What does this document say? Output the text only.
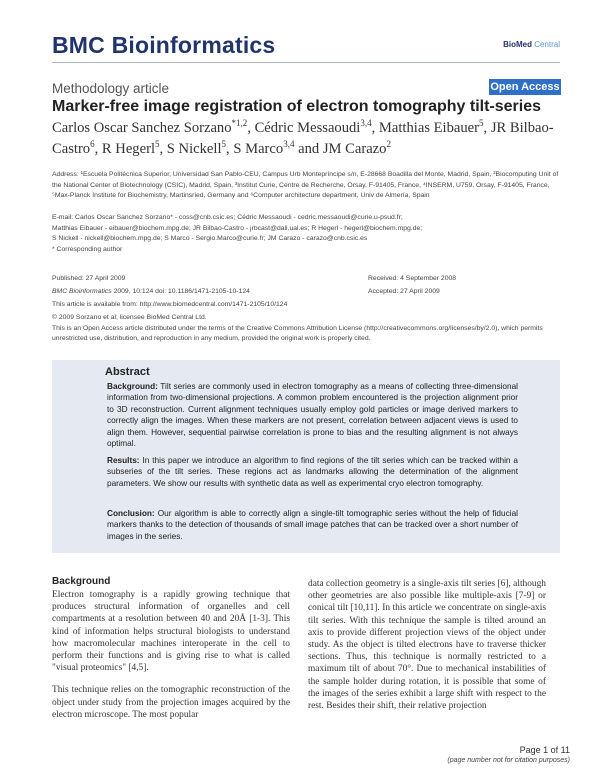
BMC Bioinformatics	BioMed Central
Methodology article	Open Access
Marker-free image registration of electron tomography tilt-series
Carlos Oscar Sanchez Sorzano$^{*1,2}$, Cédric Messaoudi$^{3,4}$, Matthias Eibauer$^5$, JR Bilbao-Castro$^6$, R Hegerl$^5$, S Nickell$^5$, S Marco$^{3,4}$ and JM Carazo$^2$
Address: ¹Escuela Politécnica Superior, Universidad San Pablo-CEU, Campus Urb Montepríncipe s/n, E-28668 Boadilla del Monte, Madrid, Spain, ²Biocomputing Unit of the National Center of Biotechnology (CSIC), Madrid, Spain, ³Institut Curie, Centre de Recherche, Orsay, F-91405, France, ⁴INSERM, U759, Orsay, F-91405, France, ⁵Max-Planck Institute for Biochemistry, Martinsried, Germany and ⁶Computer architecture department, Univ de Almería, Spain
E-mail: Carlos Oscar Sanchez Sorzano* - coss@cnb.csic.es; Cédric Messaoudi - cedric.messaoudi@curie.u-psud.fr;
Matthias Eibauer - eibauer@biochem.mpg.de; JR Bilbao-Castro - jrbcast@dali.ual.es; R Hegerl - hegerl@biochem.mpg.de;
S Nickell - nickell@biochem.mpg.de; S Marco - Sergio.Marco@curie.fr; JM Carazo - carazo@cnb.csic.es
* Corresponding author
Published: 27 April 2009
BMC Bioinformatics 2009, 10:124 doi: 10.1186/1471-2105-10-124
Received: 4 September 2008
Accepted: 27 April 2009
This article is available from: http://www.biomedcentral.com/1471-2105/10/124
© 2009 Sorzano et al; licensee BioMed Central Ltd.
This is an Open Access article distributed under the terms of the Creative Commons Attribution License (http://creativecommons.org/licenses/by/2.0), which permits unrestricted use, distribution, and reproduction in any medium, provided the original work is properly cited.
Abstract
Background: Tilt series are commonly used in electron tomography as a means of collecting three-dimensional information from two-dimensional projections. A common problem encountered is the projection alignment prior to 3D reconstruction. Current alignment techniques usually employ gold particles or image derived markers to correctly align the images. When these markers are not present, correlation between adjacent views is used to align them. However, sequential pairwise correlation is prone to bias and the resulting alignment is not always optimal.
Results: In this paper we introduce an algorithm to find regions of the tilt series which can be tracked within a subseries of the tilt series. These regions act as landmarks allowing the determination of the alignment parameters. We show our results with synthetic data as well as experimental cryo electron tomography.
Conclusion: Our algorithm is able to correctly align a single-tilt tomographic series without the help of fiducial markers thanks to the detection of thousands of small image patches that can be tracked over a short number of images in the series.
Background

Electron tomography is a rapidly growing technique that produces structural information of organelles and cell compartments at a resolution between 40 and 20Å [1-3]. This kind of information helps structural biologists to understand how macromolecular machines interoperate in the cell to perform their functions and is giving rise to what is called "visual proteomics" [4,5].

This technique relies on the tomographic reconstruction of the object under study from the projection images acquired by the electron microscope. The most popular

data collection geometry is a single-axis tilt series [6], although other geometries are also possible like multiple-axis [7-9] or conical tilt [10,11]. In this article we concentrate on single-axis tilt series. With this technique the sample is tilted around an axis to provide different projection views of the object under study. As the object is tilted electrons have to traverse thicker sections. Thus, this technique is normally restricted to a maximum tilt of about 70°. Due to mechanical instabilities of the sample holder during rotation, it is possible that some of the images of the series exhibit a large shift with respect to the rest. Besides their shift, their relative projection

Page 1 of 11
(page number not for citation purposes)
